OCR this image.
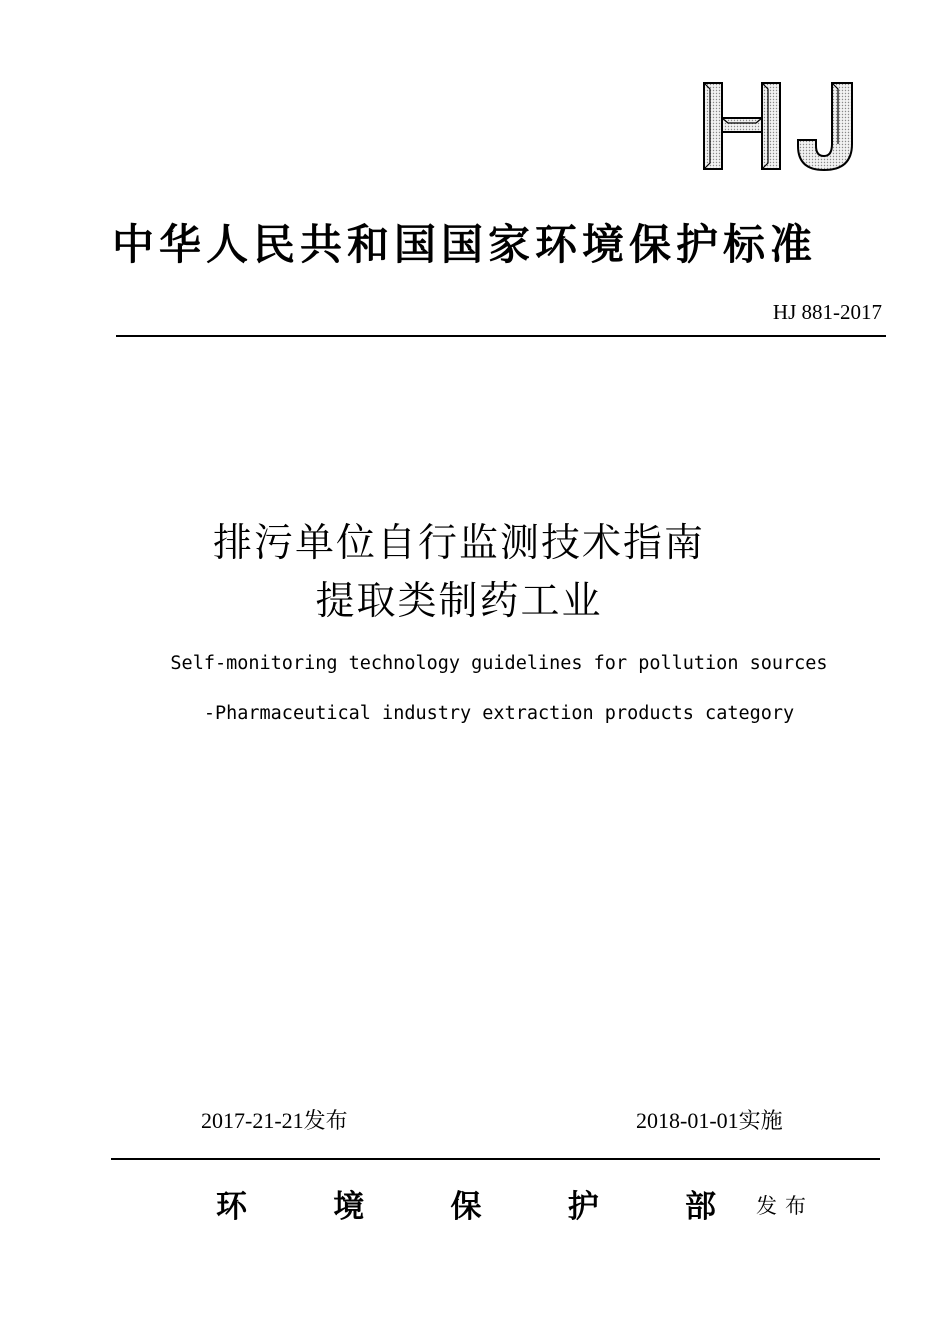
中华人民共和国国家环境保护标准
HJ 881-2017
排污单位自行监测技术指南
提取类制药工业
Self-monitoring technology guidelines for pollution sources
-Pharmaceutical industry extraction products category
2017-21-21发布	2018-01-01实施
环	境	保	护	部 发布
